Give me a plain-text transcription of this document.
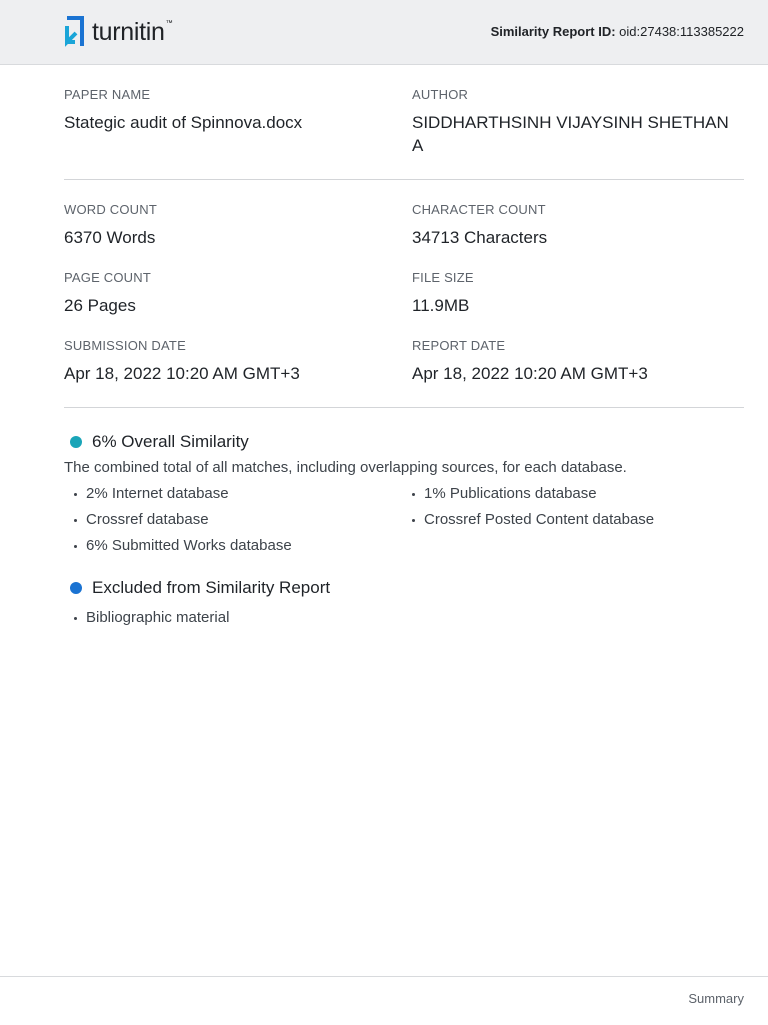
turnitin ™
Similarity Report ID: oid:27438:113385222
PAPER NAME
Stategic audit of Spinnova.docx
AUTHOR
SIDDHARTHSINH VIJAYSINH SHETHAN A
WORD COUNT
6370 Words
CHARACTER COUNT
34713 Characters
PAGE COUNT
26 Pages
FILE SIZE
11.9MB
SUBMISSION DATE
Apr 18, 2022 10:20 AM GMT+3
REPORT DATE
Apr 18, 2022 10:20 AM GMT+3
6% Overall Similarity
The combined total of all matches, including overlapping sources, for each database.
2% Internet database	1% Publications database
Crossref database	Crossref Posted Content database
6% Submitted Works database
Excluded from Similarity Report
Bibliographic material
Summary
